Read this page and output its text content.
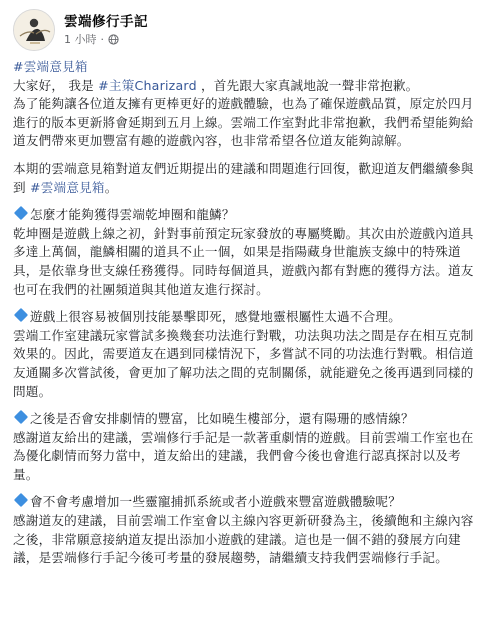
雲端修行手記
1 小時 ·

#雲端意見箱

大家好， 我是 #主策Charizard ，首先跟大家真誠地說一聲非常抱歉。

為了能夠讓各位道友擁有更棒更好的遊戲體驗，也為了確保遊戲品質，原定於四月進行的版本更新將會延期到五月上線。雲端工作室對此非常抱歉，我們希望能夠給道友們帶來更加豐富有趣的遊戲內容，也非常希望各位道友能夠諒解。

本期的雲端意見箱對道友們近期提出的建議和問題進行回復，歡迎道友們繼續參與到 #雲端意見箱。

怎麼才能夠獲得雲端乾坤圈和龍鱗？

乾坤圈是遊戲上線之初，針對事前預定玩家發放的專屬獎勵。其次由於遊戲內道具多達上萬個，龍鱗相關的道具不止一個，如果是指陽藏身世龍族支線中的特殊道具，是依靠身世支線任務獲得。同時每個道具，遊戲內都有對應的獲得方法。道友也可在我們的社團頻道與其他道友進行探討。

遊戲上很容易被個別技能暴擊即死，感覺地靈根屬性太過不合理。

雲端工作室建議玩家嘗試多換幾套功法進行對戰，功法與功法之間是存在相互克制效果的。因此，需要道友在遇到同樣情況下，多嘗試不同的功法進行對戰。相信道友通關多次嘗試後，會更加了解功法之間的克制關係，就能避免之後再遇到同樣的問題。

之後是否會安排劇情的豐富，比如曉生樓部分，還有陽珊的感情線？

感謝道友給出的建議，雲端修行手記是一款著重劇情的遊戲。目前雲端工作室也在為優化劇情而努力當中，道友給出的建議，我們會今後也會進行認真探討以及考量。

會不會考慮增加一些靈寵捕抓系統或者小遊戲來豐富遊戲體驗呢？

感謝道友的建議，目前雲端工作室會以主線內容更新研發為主，後續飽和主線內容之後，非常願意接納道友提出添加小遊戲的建議。這也是一個不錯的發展方向建議，是雲端修行手記今後可考量的發展趨勢，請繼續支持我們雲端修行手記。
